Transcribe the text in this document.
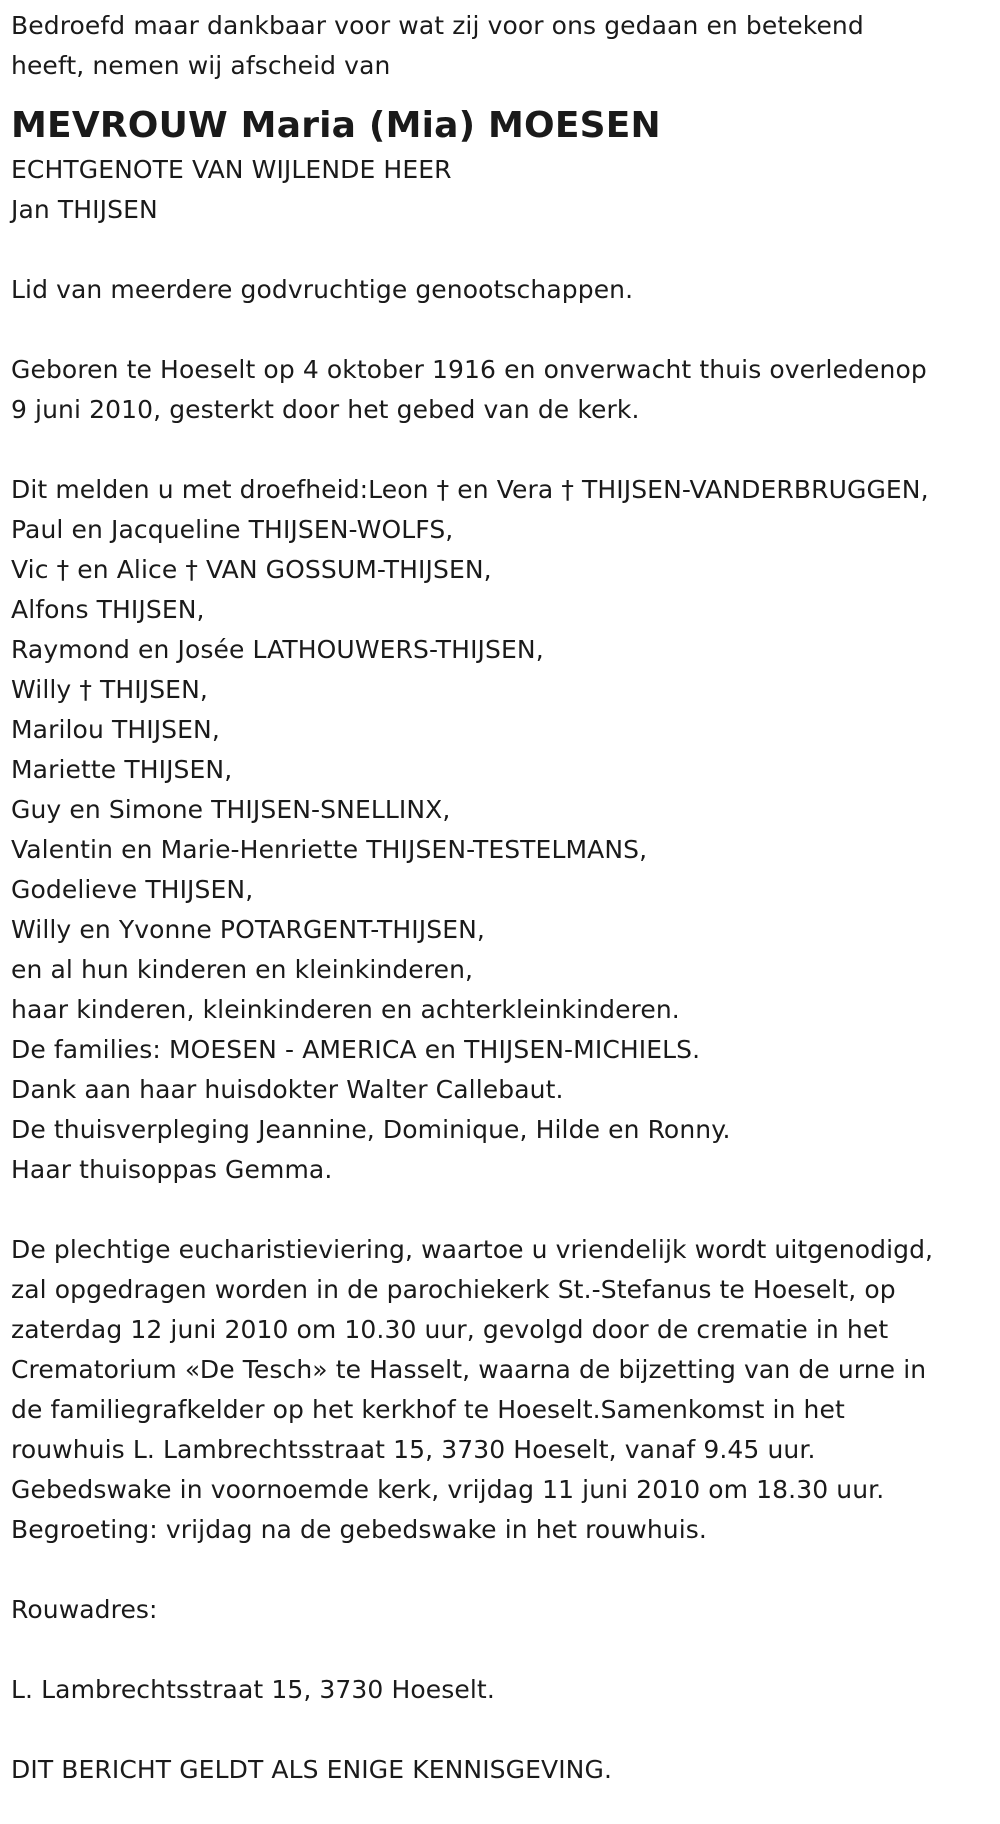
Bedroefd maar dankbaar voor wat zij voor ons gedaan en betekend
heeft, nemen wij afscheid van
MEVROUW Maria (Mia) MOESEN
ECHTGENOTE VAN WIJLENDE HEER
Jan THIJSEN
Lid van meerdere godvruchtige genootschappen.
Geboren te Hoeselt op 4 oktober 1916 en onverwacht thuis overledenop
9 juni 2010, gesterkt door het gebed van de kerk.
Dit melden u met droefheid:Leon † en Vera † THIJSEN-VANDERBRUGGEN,
Paul en Jacqueline THIJSEN-WOLFS,
Vic † en Alice † VAN GOSSUM-THIJSEN,
Alfons THIJSEN,
Raymond en Josée LATHOUWERS-THIJSEN,
Willy † THIJSEN,
Marilou THIJSEN,
Mariette THIJSEN,
Guy en Simone THIJSEN-SNELLINX,
Valentin en Marie-Henriette THIJSEN-TESTELMANS,
Godelieve THIJSEN,
Willy en Yvonne POTARGENT-THIJSEN,
en al hun kinderen en kleinkinderen,
haar kinderen, kleinkinderen en achterkleinkinderen.
De families: MOESEN - AMERICA en THIJSEN-MICHIELS.
Dank aan haar huisdokter Walter Callebaut.
De thuisverpleging Jeannine, Dominique, Hilde en Ronny.
Haar thuisoppas Gemma.
De plechtige eucharistieviering, waartoe u vriendelijk wordt uitgenodigd,
zal opgedragen worden in de parochiekerk St.-Stefanus te Hoeselt, op
zaterdag 12 juni 2010 om 10.30 uur, gevolgd door de crematie in het
Crematorium «De Tesch» te Hasselt, waarna de bijzetting van de urne in
de familiegrafkelder op het kerkhof te Hoeselt.Samenkomst in het
rouwhuis L. Lambrechtsstraat 15, 3730 Hoeselt, vanaf 9.45 uur.
Gebedswake in voornoemde kerk, vrijdag 11 juni 2010 om 18.30 uur.
Begroeting: vrijdag na de gebedswake in het rouwhuis.
Rouwadres:
L. Lambrechtsstraat 15, 3730 Hoeselt.
DIT BERICHT GELDT ALS ENIGE KENNISGEVING.
